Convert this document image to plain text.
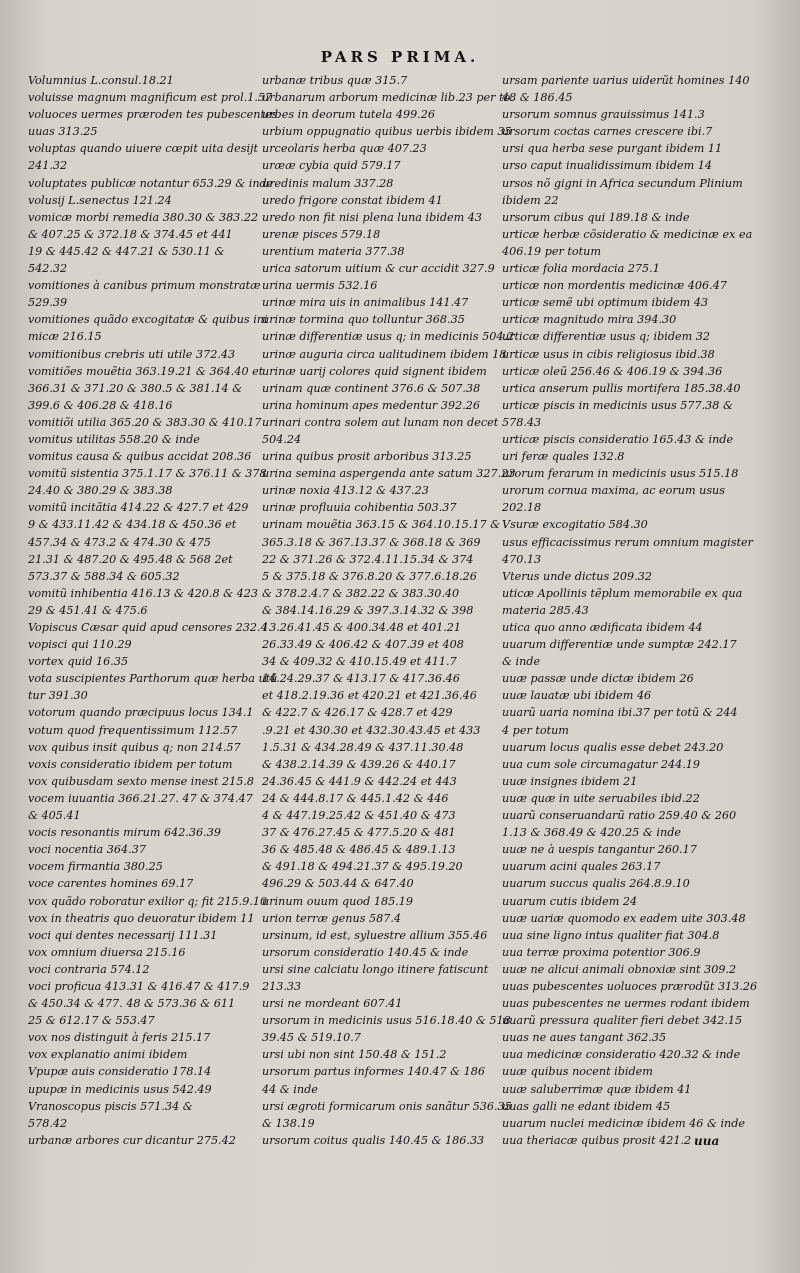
PARS PRIMA.
Volumnius L.consul.18.21
voluisse magnum magnificum est prol.1.57
voluoces uermes præroden tes pubescentes
uuas 313.25
voluptas quando uiuere cœpit uita desijt
241.32
voluptates publicæ notantur 653.29 & inde
volusij L.senectus 121.24
vomicæ morbi remedia 380.30 & 383.22
& 407.25 & 372.18 & 374.45 et 441
19 & 445.42 & 447.21 & 530.11 &
542.32
vomitiones à canibus primum monstratæ
529.39
vomitiones quãdo excogitatæ & quibus ini
micæ 216.15
vomitionibus crebris uti utile 372.43
vomitiões mouẽtia 363.19.21 & 364.40 et
366.31 & 371.20 & 380.5 & 381.14 &
399.6 & 406.28 & 418.16
vomitiõi utilia 365.20 & 383.30 & 410.17
vomitus utilitas 558.20 & inde
vomitus causa & quibus accidat 208.36
vomitũ sistentia 375.1.17 & 376.11 & 378
24.40 & 380.29 & 383.38
vomitũ incitãtia 414.22 & 427.7 et 429
9 & 433.11.42 & 434.18 & 450.36 et
457.34 & 473.2 & 474.30 & 475
21.31 & 487.20 & 495.48 & 568 2et
573.37 & 588.34 & 605.32
vomitũ inhibentia 416.13 & 420.8 & 423
29 & 451.41 & 475.6
Vopiscus Cæsar quid apud censores 232.4
vopisci qui 110.29
vortex quid 16.35
vota suscipientes Parthorum quæ herba utũ
tur 391.30
votorum quando præcipuus locus 134.1
votum quod frequentissimum 112.57
vox quibus insit quibus q; non 214.57
voxis consideratio ibidem per totum
vox quibusdam sexto mense inest 215.8
vocem iuuantia 366.21.27. 47 & 374.47
& 405.41
vocis resonantis mirum 642.36.39
voci nocentia 364.37
vocem firmantia 380.25
voce carentes homines 69.17
vox quãdo roboratur exilior q; fit 215.9.10
vox in theatris quo deuoratur ibidem 11
voci qui dentes necessarij 111.31
vox omnium diuersa 215.16
voci contraria 574.12
voci proficua 413.31 & 416.47 & 417.9
& 450.34 & 477. 48 & 573.36 & 611
25 & 612.17 & 553.47
vox nos distinguit à feris 215.17
vox explanatio animi ibidem
Vpupæ auis consideratio 178.14
upupæ in medicinis usus 542.49
Vranoscopus piscis 571.34 &
578.42
urbanæ arbores cur dicantur 275.42
urbanæ tribus quæ 315.7
urbanarum arborum medicinæ lib.23 per to.
urbes in deorum tutela 499.26
urbium oppugnatio quibus uerbis ibidem 35
urceolaris herba quæ 407.23
urææ cybia quid 579.17
uredinis malum 337.28
uredo frigore constat ibidem 41
uredo non fit nisi plena luna ibidem 43
urenæ pisces 579.18
urentium materia 377.38
urica satorum uitium & cur accidit 327.9
urina uermis 532.16
urinæ mira uis in animalibus 141.47
urinæ tormina quo tolluntur 368.35
urinæ differentiæ usus q; in medicinis 504.2
urinæ auguria circa ualitudinem ibidem 18
urinæ uarij colores quid signent ibidem
urinam quæ continent 376.6 & 507.38
urina hominum apes medentur 392.26
urinari contra solem aut lunam non decet
504.24
urina quibus prosit arboribus 313.25
urina semina aspergenda ante satum 327.23
urinæ noxia 413.12 & 437.23
urinæ profluuia cohibentia 503.37
urinam mouẽtia 363.15 & 364.10.15.17 &
365.3.18 & 367.13.37 & 368.18 & 369
22 & 371.26 & 372.4.11.15.34 & 374
5 & 375.18 & 376.8.20 & 377.6.18.26
& 378.2.4.7 & 382.22 & 383.30.40
& 384.14.16.29 & 397.3.14.32 & 398
13.26.41.45 & 400.34.48 et 401.21
26.33.49 & 406.42 & 407.39 et 408
34 & 409.32 & 410.15.49 et 411.7
14.24.29.37 & 413.17 & 417.36.46
et 418.2.19.36 et 420.21 et 421.36.46
& 422.7 & 426.17 & 428.7 et 429
.9.21 et 430.30 et 432.30.43.45 et 433
1.5.31 & 434.28.49 & 437.11.30.48
& 438.2.14.39 & 439.26 & 440.17
24.36.45 & 441.9 & 442.24 et 443
24 & 444.8.17 & 445.1.42 & 446
4 & 447.19.25.42 & 451.40 & 473
37 & 476.27.45 & 477.5.20 & 481
36 & 485.48 & 486.45 & 489.1.13
& 491.18 & 494.21.37 & 495.19.20
496.29 & 503.44 & 647.40
urinum ouum quod 185.19
urion terræ genus 587.4
ursinum, id est, syluestre allium 355.46
ursorum consideratio 140.45 & inde
ursi sine calciatu longo itinere fatiscunt
213.33
ursi ne mordeant 607.41
ursorum in medicinis usus 516.18.40 & 518
39.45 & 519.10.7
ursi ubi non sint 150.48 & 151.2
ursorum partus informes 140.47 & 186
44 & inde
ursi ægroti formicarum onis sanãtur 536.35
& 138.19
ursorum coitus qualis 140.45 & 186.33
ursam pariente uarius uiderũt homines 140
48 & 186.45
ursorum somnus grauissimus 141.3
ursorum coctas carnes crescere ibi.7
ursi qua herba sese purgant ibidem 11
urso caput inualidissimum ibidem 14
ursos nõ gigni in Africa secundum Plinium
ibidem 22
ursorum cibus qui 189.18 & inde
urticæ herbæ cõsideratio & medicinæ ex ea
406.19 per totum
urticæ folia mordacia 275.1
urticæ non mordentis medicinæ 406.47
urticæ semẽ ubi optimum ibidem 43
urticæ magnitudo mira 394.30
urticæ differentiæ usus q; ibidem 32
urticæ usus in cibis religiosus ibid.38
urticæ oleũ 256.46 & 406.19 & 394.36
urtica anserum pullis mortifera 185.38.40
urticæ piscis in medicinis usus 577.38 &
578.43
urticæ piscis consideratio 165.43 & inde
uri feræ quales 132.8
urorum ferarum in medicinis usus 515.18
urorum cornua maxima, ac eorum usus
202.18
Vsuræ excogitatio 584.30
usus efficacissimus rerum omnium magister
470.13
Vterus unde dictus 209.32
uticæ Apollinis tẽplum memorabile ex qua
materia 285.43
utica quo anno ædificata ibidem 44
uuarum differentiæ unde sumptæ 242.17
& inde
uuæ passæ unde dictæ ibidem 26
uuæ lauatæ ubi ibidem 46
uuarũ uaria nomina ibi.37 per totũ & 244
4 per totum
uuarum locus qualis esse debet 243.20
uua cum sole circumagatur 244.19
uuæ insignes ibidem 21
uuæ quæ in uite seruabiles ibid.22
uuarũ conseruandarũ ratio 259.40 & 260
1.13 & 368.49 & 420.25 & inde
uuæ ne à uespis tangantur 260.17
uuarum acini quales 263.17
uuarum succus qualis 264.8.9.10
uuarum cutis ibidem 24
uuæ uariæ quomodo ex eadem uite 303.48
uua sine ligno intus qualiter fiat 304.8
uua terræ proxima potentior 306.9
uuæ ne alicui animali obnoxiæ sint 309.2
uuas pubescentes uoluoces prærodũt 313.26
uuas pubescentes ne uermes rodant ibidem
uuarũ pressura qualiter fieri debet 342.15
uuas ne aues tangant 362.35
uua medicinæ consideratio 420.32 & inde
uuæ quibus nocent ibidem
uuæ saluberrimæ quæ ibidem 41
uuas galli ne edant ibidem 45
uuarum nuclei medicinæ ibidem 46 & inde
uua theriacæ quibus prosit 421.2 uua
